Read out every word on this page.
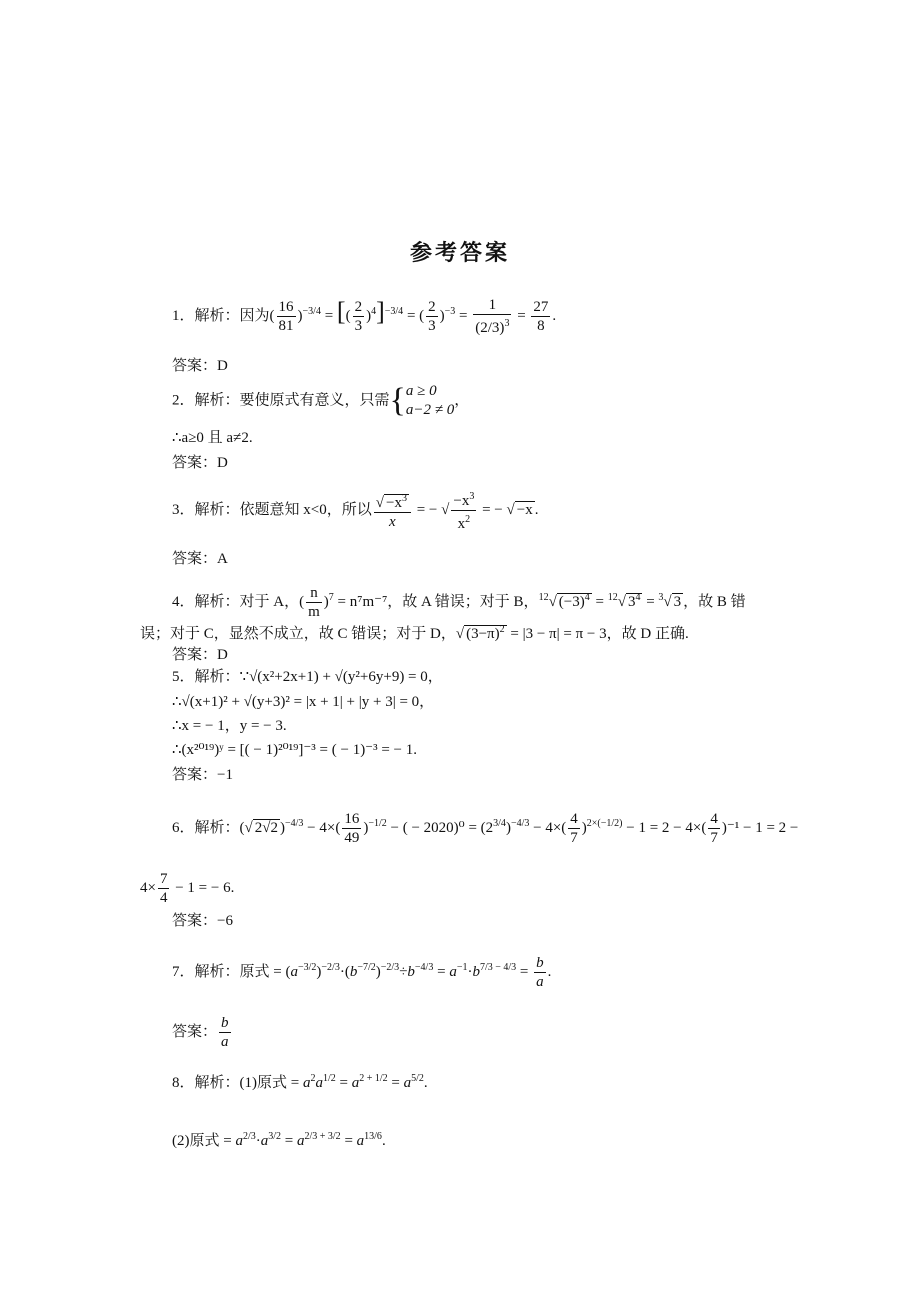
参考答案
1．解析：因为( $\frac{16}{81} )^{-3/4}$ = [( $\frac{2}{3} )^4]^{-3/4}$ = ( $\frac{2}{3} )^{-3} = \frac{1}{(2/3)^3} = \frac{27}{8}$ .
答案：D
2．解析：要使原式有意义，只需{a ≥ 0
a−2 ≠ 0，
∴a≥0 且 a≠2.
答案：D
3．解析：依题意知 x<0，所以 $\frac{√ -x^3}{x}$ = − √ $\frac{-x^3}{x^2}$ = − √ −x .
答案：A
4．解析：对于 A，( $\frac{n}{m} )^7 = n^7m^{-7}$，故 A 错误；对于 B，$^{12}$√ $(-3)^4 = ^{12}√$ $3^4 = ^3√$ 3 ，故 B 错
误；对于 C，显然不成立，故 C 错误；对于 D，√ $(3-\pi)^2 = |3 - \pi| = \pi - 3$，故 D 正确.
答案：D
5．解析：∵√(x²+2x+1) + √(y²+6y+9) = 0，
∴√(x+1)² + √(y+3)² = |x + 1| + |y + 3| = 0，
∴x = − 1，y = − 3.
∴(x²⁰¹⁹)ʸ = [( − 1)²⁰¹⁹]⁻³ = ( − 1)⁻³ = − 1.
答案：−1
6．解析：(√ 2√2 )$^{-4/3} - 4\times( \frac{16}{49} )^{-1/2}$ − ( − $2020)^0 = (2^{3/4})^{-4/3} - 4\times( \frac{4}{7} )^{2\times(-1/2)} - 1 = 2 - 4\times( \frac{4}{7} )^{-1} - 1 = 2$ −
$4\times \frac{7}{4} - 1$ = − 6.
答案：−6
7．解析：原式 = $(a^{-3/2})^{-2/3}\cdot(b^{-7/2})^{-2/3}\div b^{-4/3} = a^{-1}\cdot b^{7/3 - 4/3} = \frac{b}{a}$ .
答案： $\frac{b}{a}$
8．解析：(1)原式 = $a^2a^{1/2} = a^{2 + 1/2} = a^{5/2}$.
(2)原式 = $a^{2/3}\cdot a^{3/2} = a^{2/3 + 3/2} = a^{13/6}$.
